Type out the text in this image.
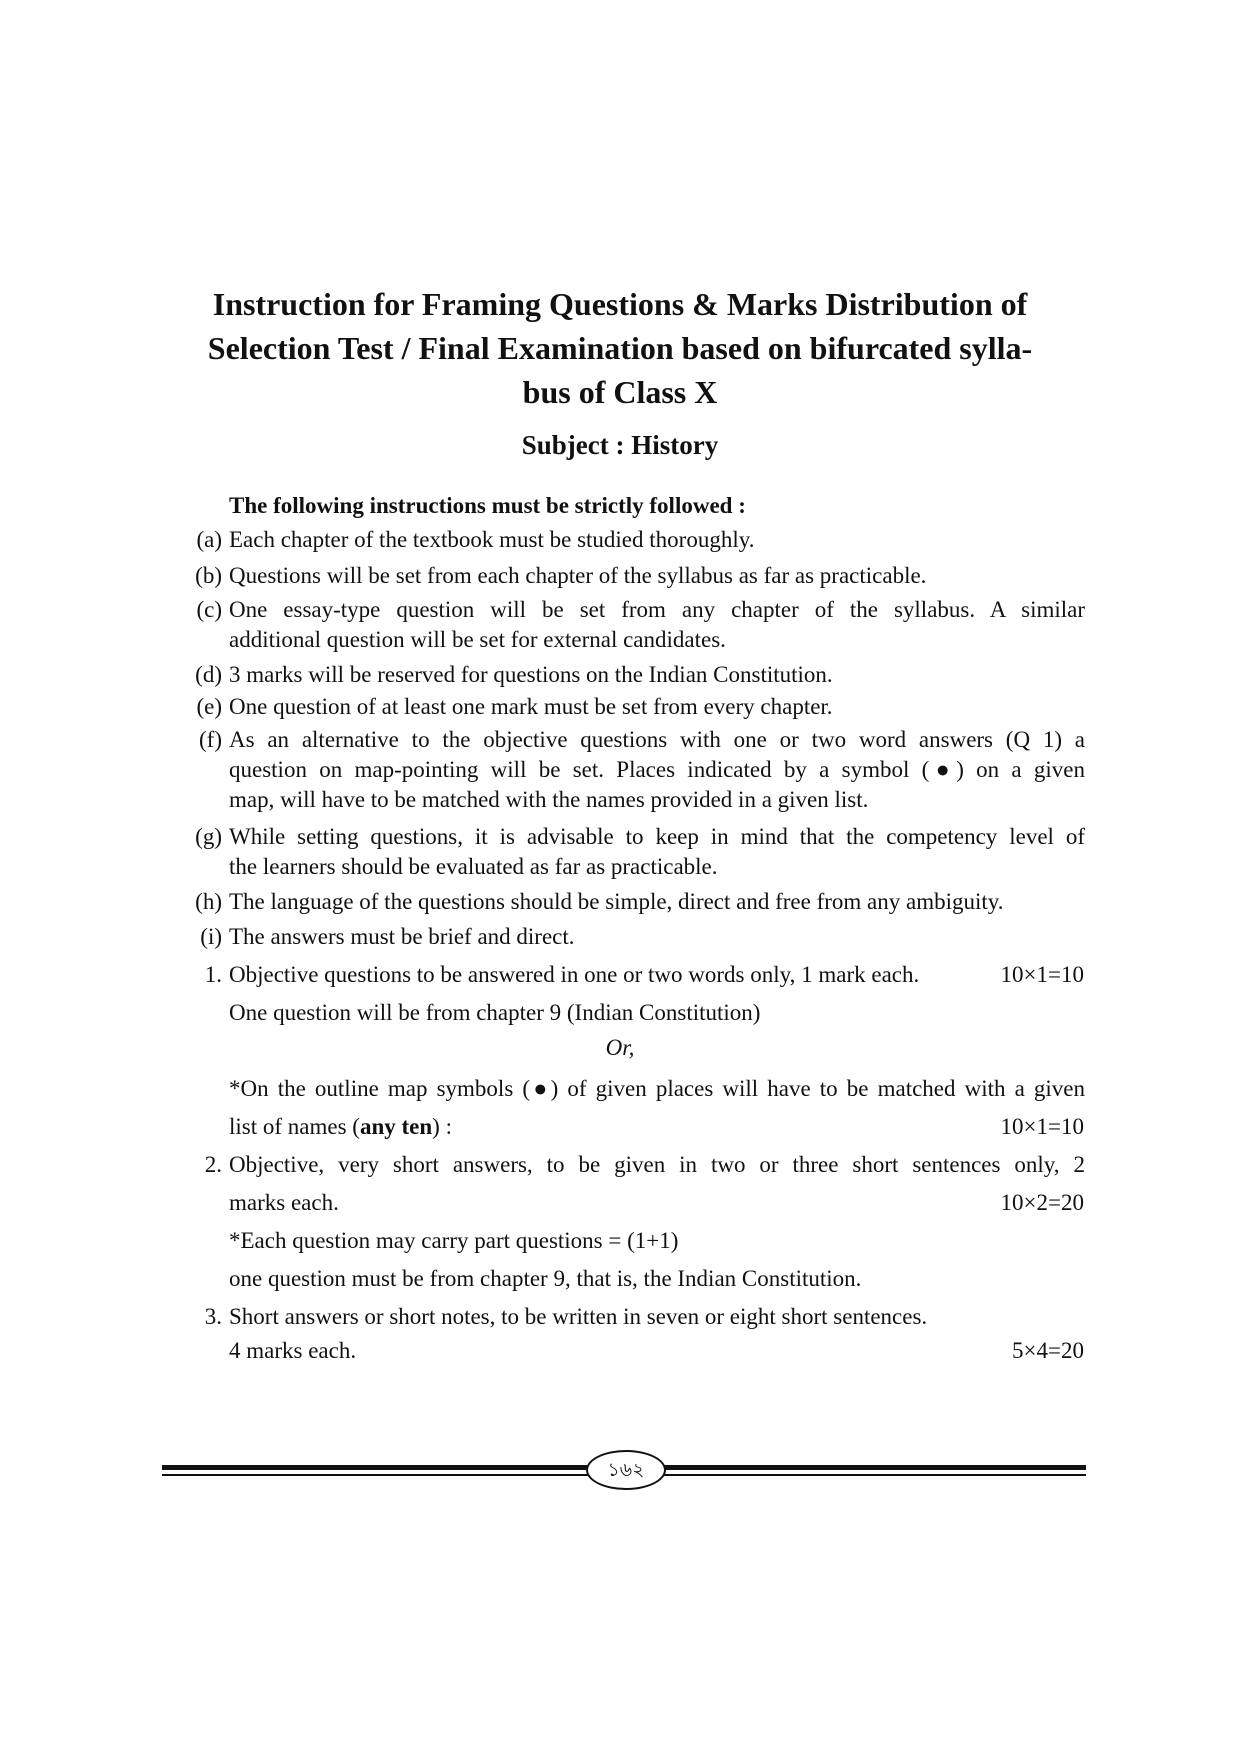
Instruction for Framing Questions & Marks Distribution of
Selection Test / Final Examination based on bifurcated sylla-
bus of Class X
Subject : History

The following instructions must be strictly followed :

(a) Each chapter of the textbook must be studied thoroughly.
(b) Questions will be set from each chapter of the syllabus as far as practicable.
(c) One essay-type question will be set from any chapter of the syllabus. A similar
additional question will be set for external candidates.
(d) 3 marks will be reserved for questions on the Indian Constitution.
(e) One question of at least one mark must be set from every chapter.
(f) As an alternative to the objective questions with one or two word answers (Q 1) a
question on map-pointing will be set. Places indicated by a symbol (●) on a given
map, will have to be matched with the names provided in a given list.
(g) While setting questions, it is advisable to keep in mind that the competency level of
the learners should be evaluated as far as practicable.
(h) The language of the questions should be simple, direct and free from any ambiguity.
(i) The answers must be brief and direct.
1. Objective questions to be answered in one or two words only, 1 mark each.	10×1=10
One question will be from chapter 9 (Indian Constitution)
Or,
*On the outline map symbols (●) of given places will have to be matched with a given
list of names (any ten) :	10×1=10
2. Objective, very short answers, to be given in two or three short sentences only, 2
marks each.	10×2=20
*Each question may carry part questions = (1+1)
one question must be from chapter 9, that is, the Indian Constitution.
3. Short answers or short notes, to be written in seven or eight short sentences.
4 marks each.	5×4=20
১৬২
